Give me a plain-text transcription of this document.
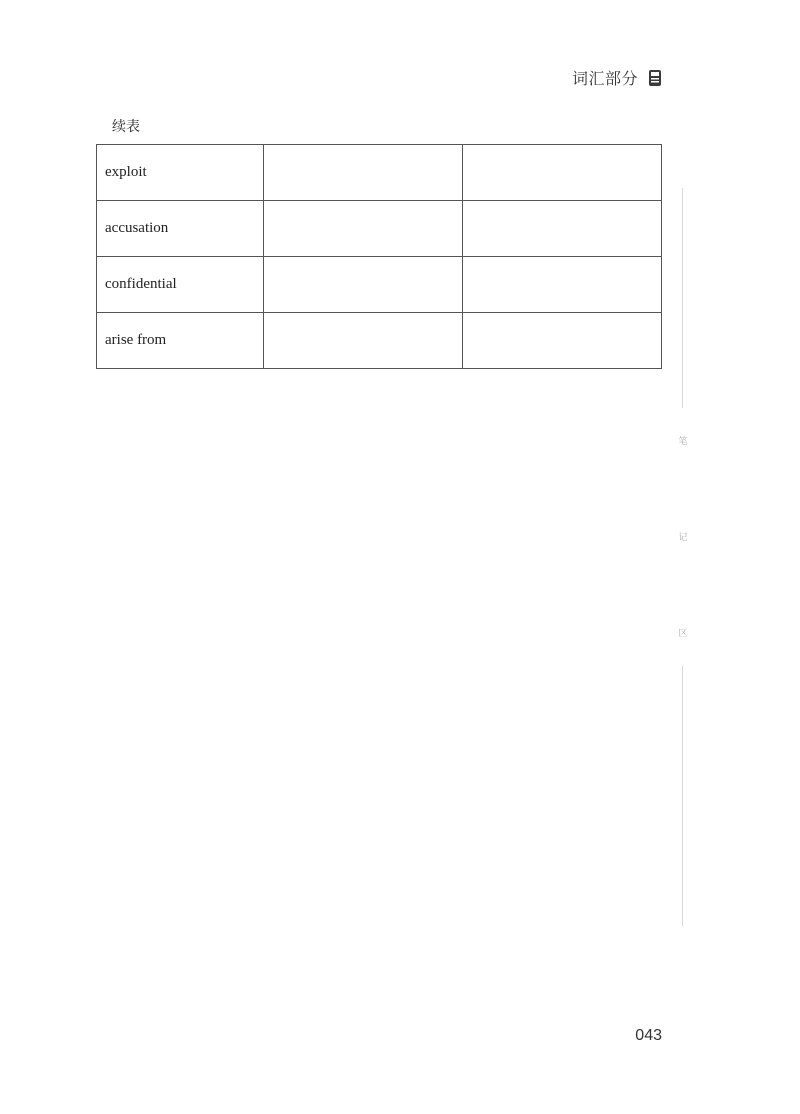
词汇部分
续表
exploit		
accusation		
confidential		
arise from		
笔
记
区
043
